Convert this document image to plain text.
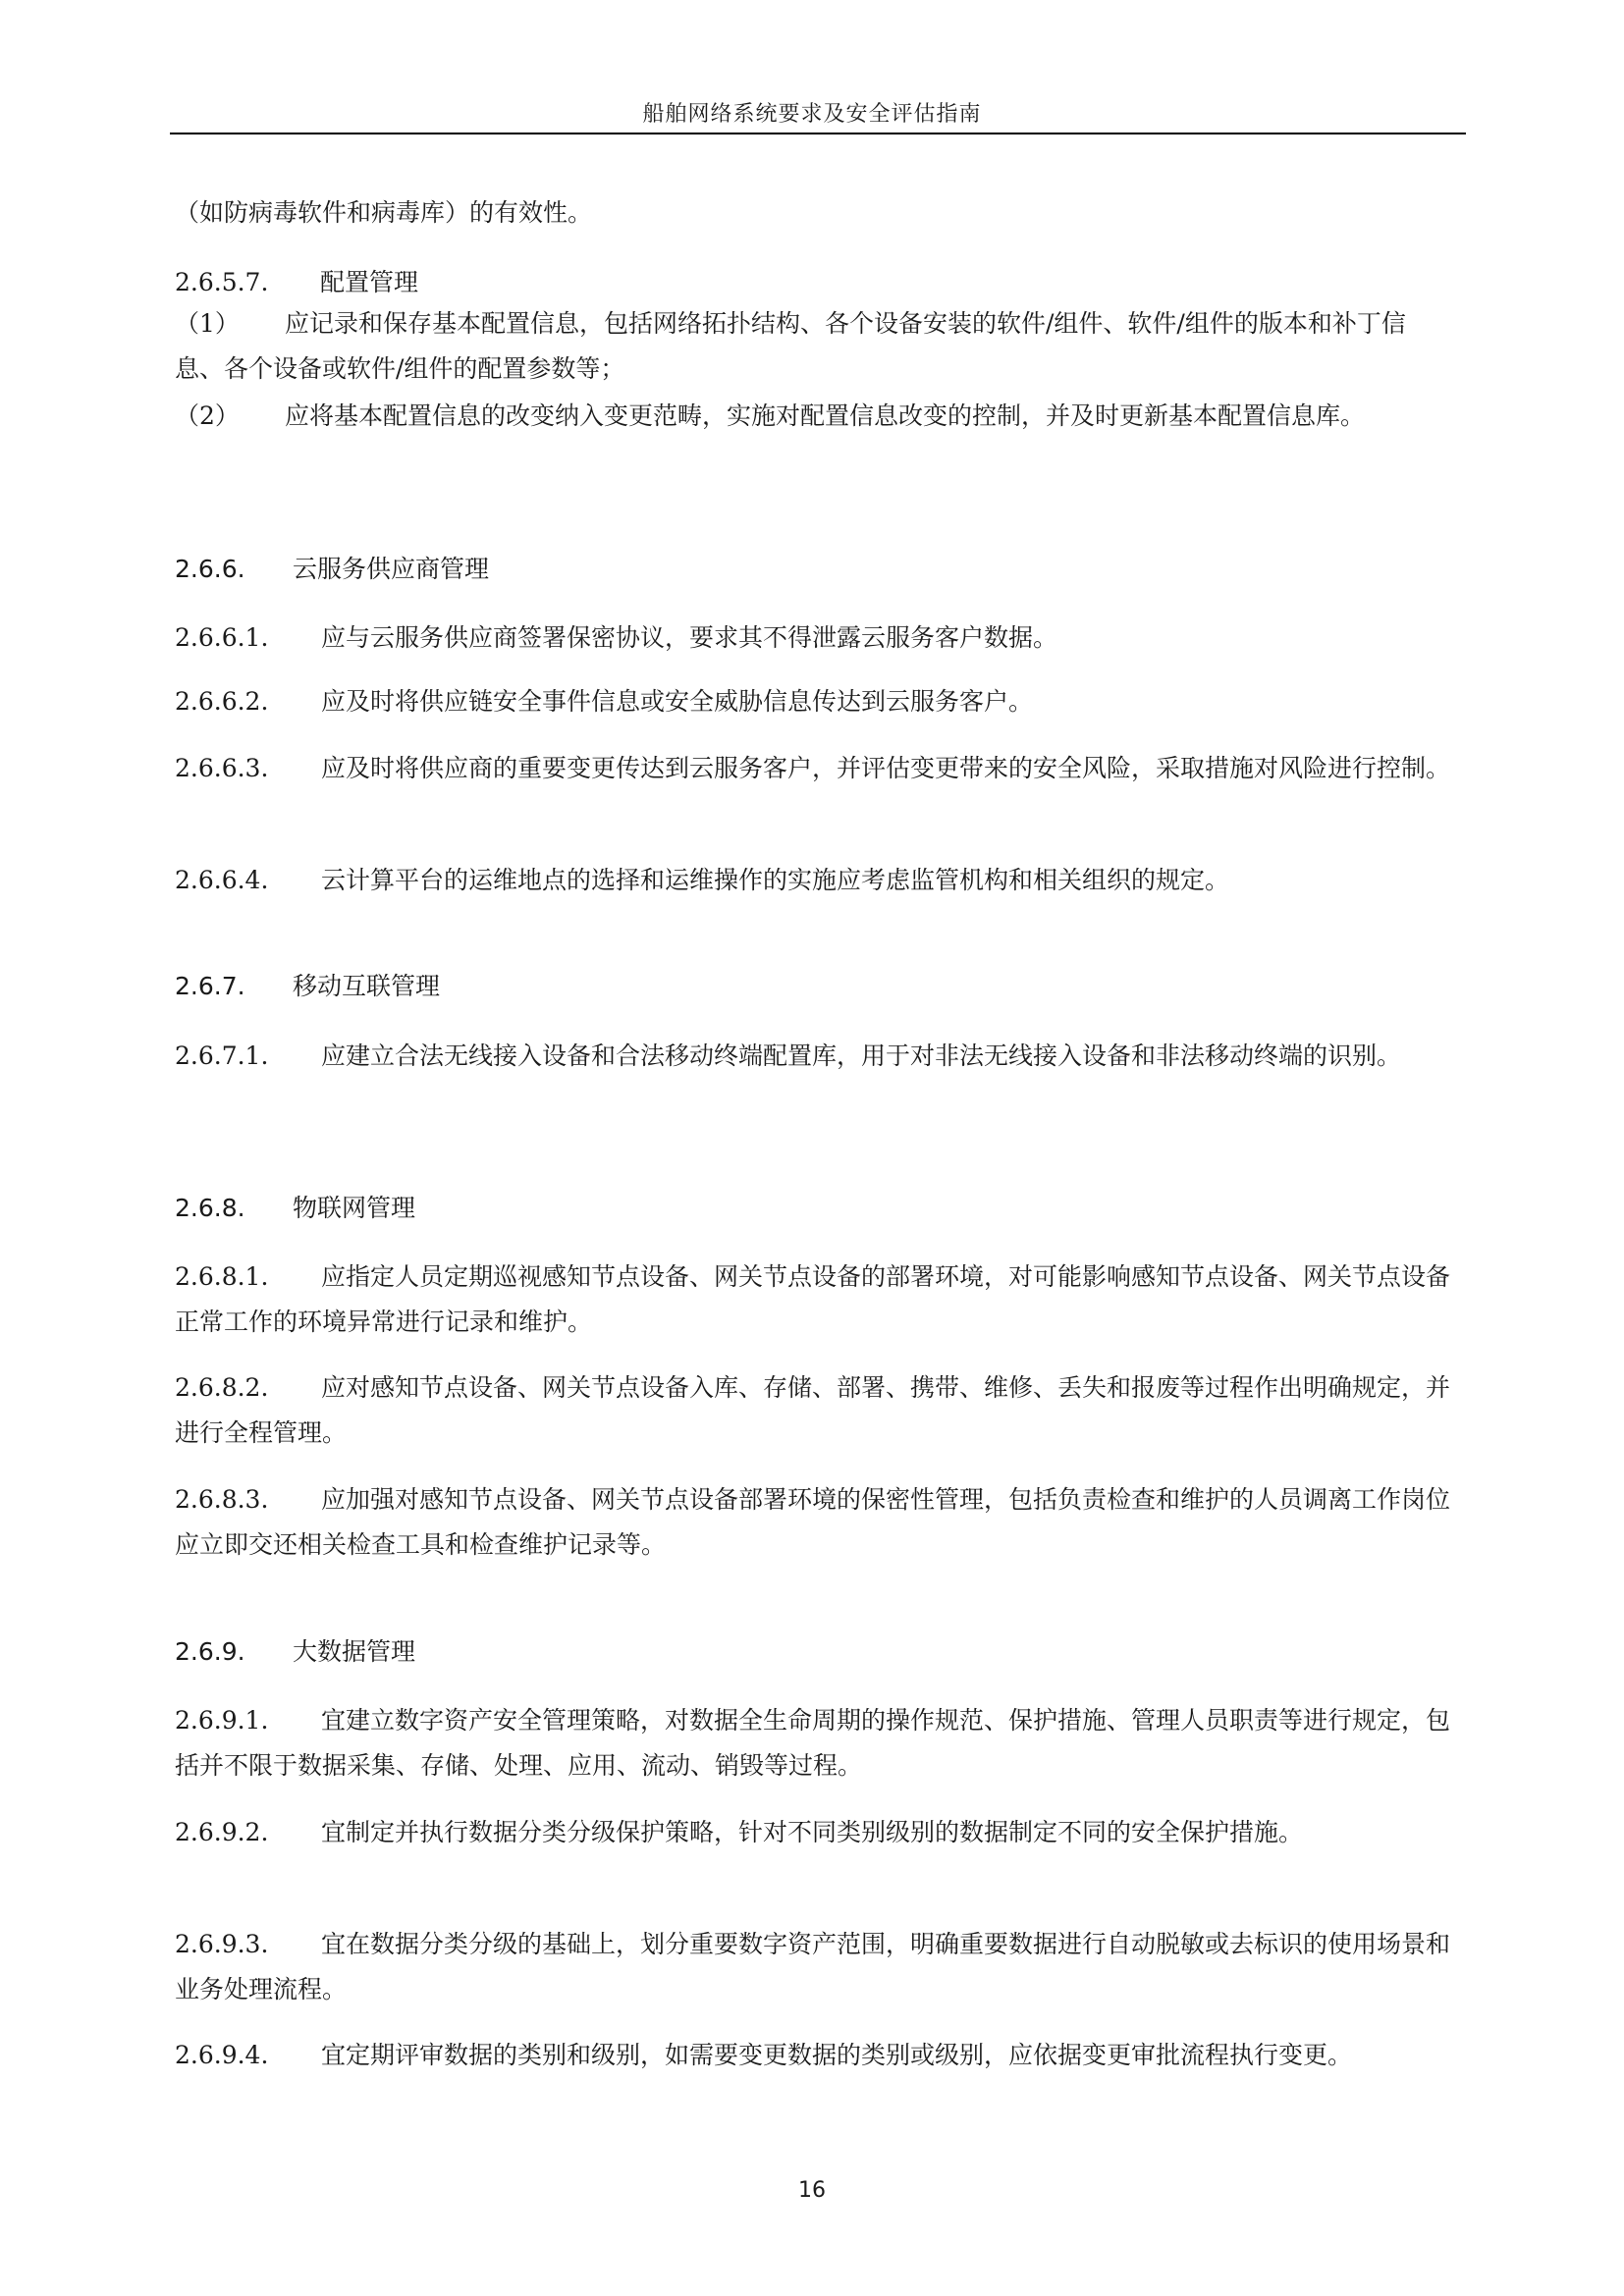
船舶网络系统要求及安全评估指南
（如防病毒软件和病毒库）的有效性。
2.6.5.7. 配置管理
（1） 应记录和保存基本配置信息，包括网络拓扑结构、各个设备安装的软件/组件、软件/组件的版本和补丁信息、各个设备或软件/组件的配置参数等；
（2） 应将基本配置信息的改变纳入变更范畴，实施对配置信息改变的控制，并及时更新基本配置信息库。
2.6.6. 云服务供应商管理
2.6.6.1. 应与云服务供应商签署保密协议，要求其不得泄露云服务客户数据。
2.6.6.2. 应及时将供应链安全事件信息或安全威胁信息传达到云服务客户。
2.6.6.3. 应及时将供应商的重要变更传达到云服务客户，并评估变更带来的安全风险，采取措施对风险进行控制。
2.6.6.4. 云计算平台的运维地点的选择和运维操作的实施应考虑监管机构和相关组织的规定。
2.6.7. 移动互联管理
2.6.7.1. 应建立合法无线接入设备和合法移动终端配置库，用于对非法无线接入设备和非法移动终端的识别。
2.6.8. 物联网管理
2.6.8.1. 应指定人员定期巡视感知节点设备、网关节点设备的部署环境，对可能影响感知节点设备、网关节点设备正常工作的环境异常进行记录和维护。
2.6.8.2. 应对感知节点设备、网关节点设备入库、存储、部署、携带、维修、丢失和报废等过程作出明确规定，并进行全程管理。
2.6.8.3. 应加强对感知节点设备、网关节点设备部署环境的保密性管理，包括负责检查和维护的人员调离工作岗位应立即交还相关检查工具和检查维护记录等。
2.6.9. 大数据管理
2.6.9.1. 宜建立数字资产安全管理策略，对数据全生命周期的操作规范、保护措施、管理人员职责等进行规定，包括并不限于数据采集、存储、处理、应用、流动、销毁等过程。
2.6.9.2. 宜制定并执行数据分类分级保护策略，针对不同类别级别的数据制定不同的安全保护措施。
2.6.9.3. 宜在数据分类分级的基础上，划分重要数字资产范围，明确重要数据进行自动脱敏或去标识的使用场景和业务处理流程。
2.6.9.4. 宜定期评审数据的类别和级别，如需要变更数据的类别或级别，应依据变更审批流程执行变更。
16
